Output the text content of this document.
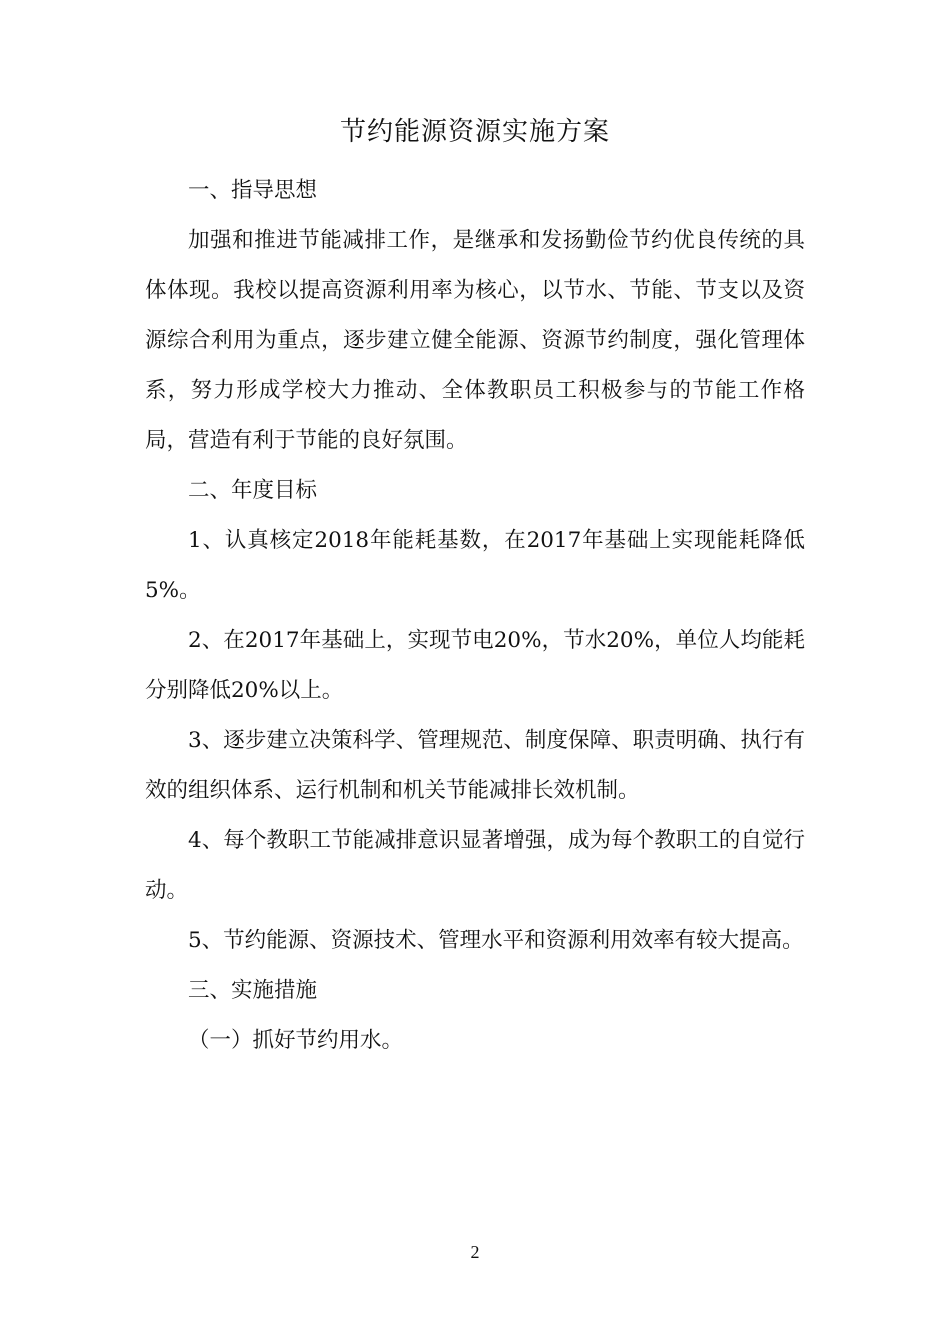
节约能源资源实施方案

一、指导思想

加强和推进节能减排工作，是继承和发扬勤俭节约优良传统的具体体现。我校以提高资源利用率为核心，以节水、节能、节支以及资源综合利用为重点，逐步建立健全能源、资源节约制度，强化管理体系，努力形成学校大力推动、全体教职员工积极参与的节能工作格局，营造有利于节能的良好氛围。

二、年度目标

1、认真核定2018年能耗基数，在2017年基础上实现能耗降低5%。

2、在2017年基础上，实现节电20%，节水20%，单位人均能耗分别降低20%以上。

3、逐步建立决策科学、管理规范、制度保障、职责明确、执行有效的组织体系、运行机制和机关节能减排长效机制。

4、每个教职工节能减排意识显著增强，成为每个教职工的自觉行动。

5、节约能源、资源技术、管理水平和资源利用效率有较大提高。

三、实施措施

（一）抓好节约用水。

2
